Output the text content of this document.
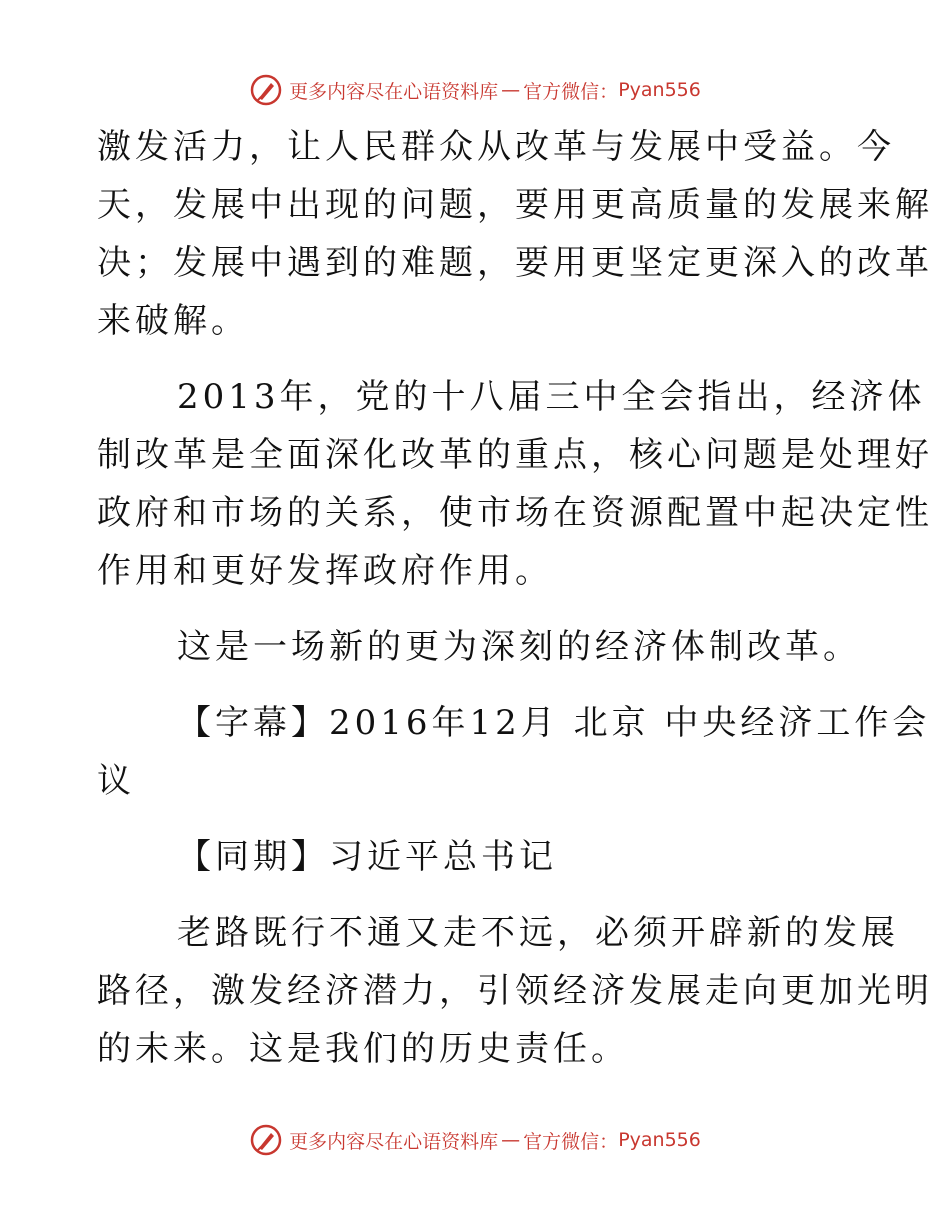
更多内容尽在心语资料库 — 官方微信： Pyan556
激发活力，让人民群众从改革与发展中受益。今
天，发展中出现的问题，要用更高质量的发展来解
决；发展中遇到的难题，要用更坚定更深入的改革
来破解。
2013年，党的十八届三中全会指出，经济体
制改革是全面深化改革的重点，核心问题是处理好
政府和市场的关系，使市场在资源配置中起决定性
作用和更好发挥政府作用。
这是一场新的更为深刻的经济体制改革。
【字幕】2016年12月 北京 中央经济工作会
议
【同期】习近平总书记
老路既行不通又走不远，必须开辟新的发展
路径，激发经济潜力，引领经济发展走向更加光明
的未来。这是我们的历史责任。
更多内容尽在心语资料库 — 官方微信： Pyan556
